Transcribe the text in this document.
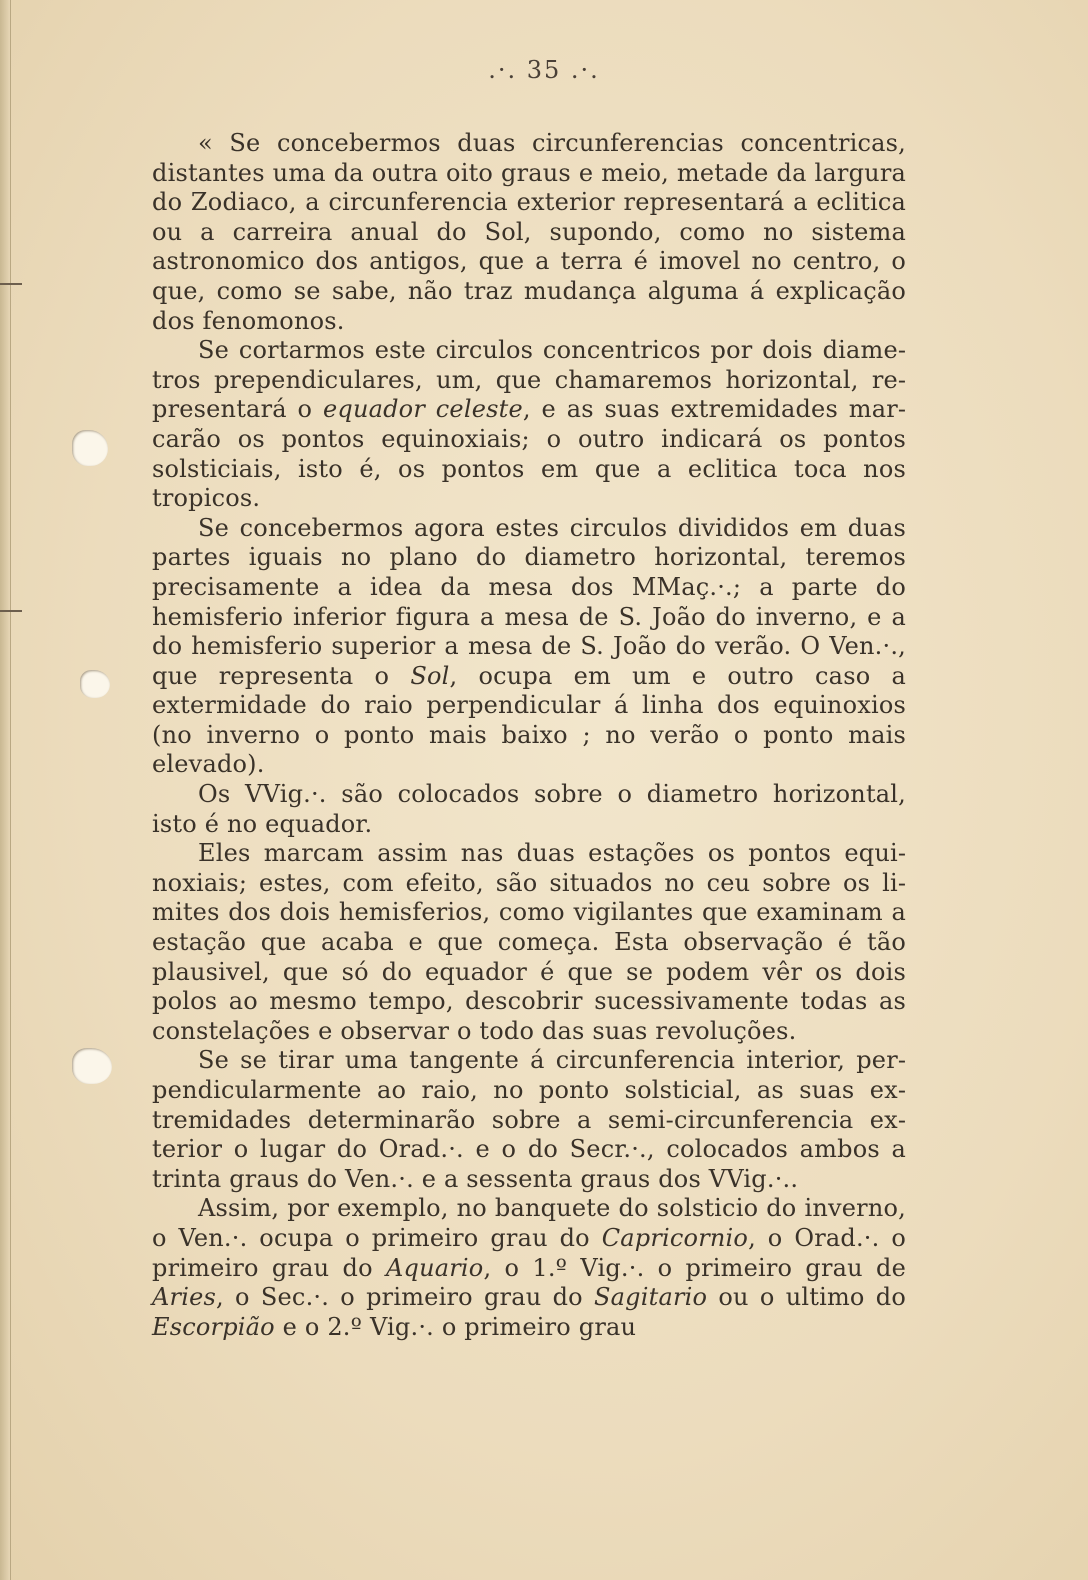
.·. 35 .·.

« Se concebermos duas circunferencias concentricas, distantes uma da outra oito graus e meio, metade da largura do Zodiaco, a circunferencia exterior representará a eclitica ou a carreira anual do Sol, supondo, como no sistema astronomico dos antigos, que a terra é imovel no centro, o que, como se sabe, não traz mudança alguma á explicação dos fenomonos.

Se cortarmos este circulos concentricos por dois diametros prependiculares, um, que chamaremos horizontal, representará o equador celeste, e as suas extremidades marcarão os pontos equinoxiais; o outro indicará os pontos solsticiais, isto é, os pontos em que a eclitica toca nos tropicos.

Se concebermos agora estes circulos divididos em duas partes iguais no plano do diametro horizontal, teremos precisamente a idea da mesa dos MMaç.·.; a parte do hemisferio inferior figura a mesa de S. João do inverno, e a do hemisferio superior a mesa de S. João do verão. O Ven.·., que representa o Sol, ocupa em um e outro caso a extermidade do raio perpendicular á linha dos equinoxios (no inverno o ponto mais baixo ; no verão o ponto mais elevado).

Os VVig.·. são colocados sobre o diametro horizontal, isto é no equador.

Eles marcam assim nas duas estações os pontos equinoxiais; estes, com efeito, são situados no ceu sobre os limites dos dois hemisferios, como vigilantes que examinam a estação que acaba e que começa. Esta observação é tão plausivel, que só do equador é que se podem vêr os dois polos ao mesmo tempo, descobrir sucessivamente todas as constelações e observar o todo das suas revoluções.

Se se tirar uma tangente á circunferencia interior, perpendicularmente ao raio, no ponto solsticial, as suas extremidades determinarão sobre a semi-circunferencia exterior o lugar do Orad.·. e o do Secr.·., colocados ambos a trinta graus do Ven.·. e a sessenta graus dos VVig.·..

Assim, por exemplo, no banquete do solsticio do inverno, o Ven.·. ocupa o primeiro grau do Capricornio, o Orad.·. o primeiro grau do Aquario, o 1.º Vig.·. o primeiro grau de Aries, o Sec.·. o primeiro grau do Sagitario ou o ultimo do Escorpião e o 2.º Vig.·. o primeiro grau
